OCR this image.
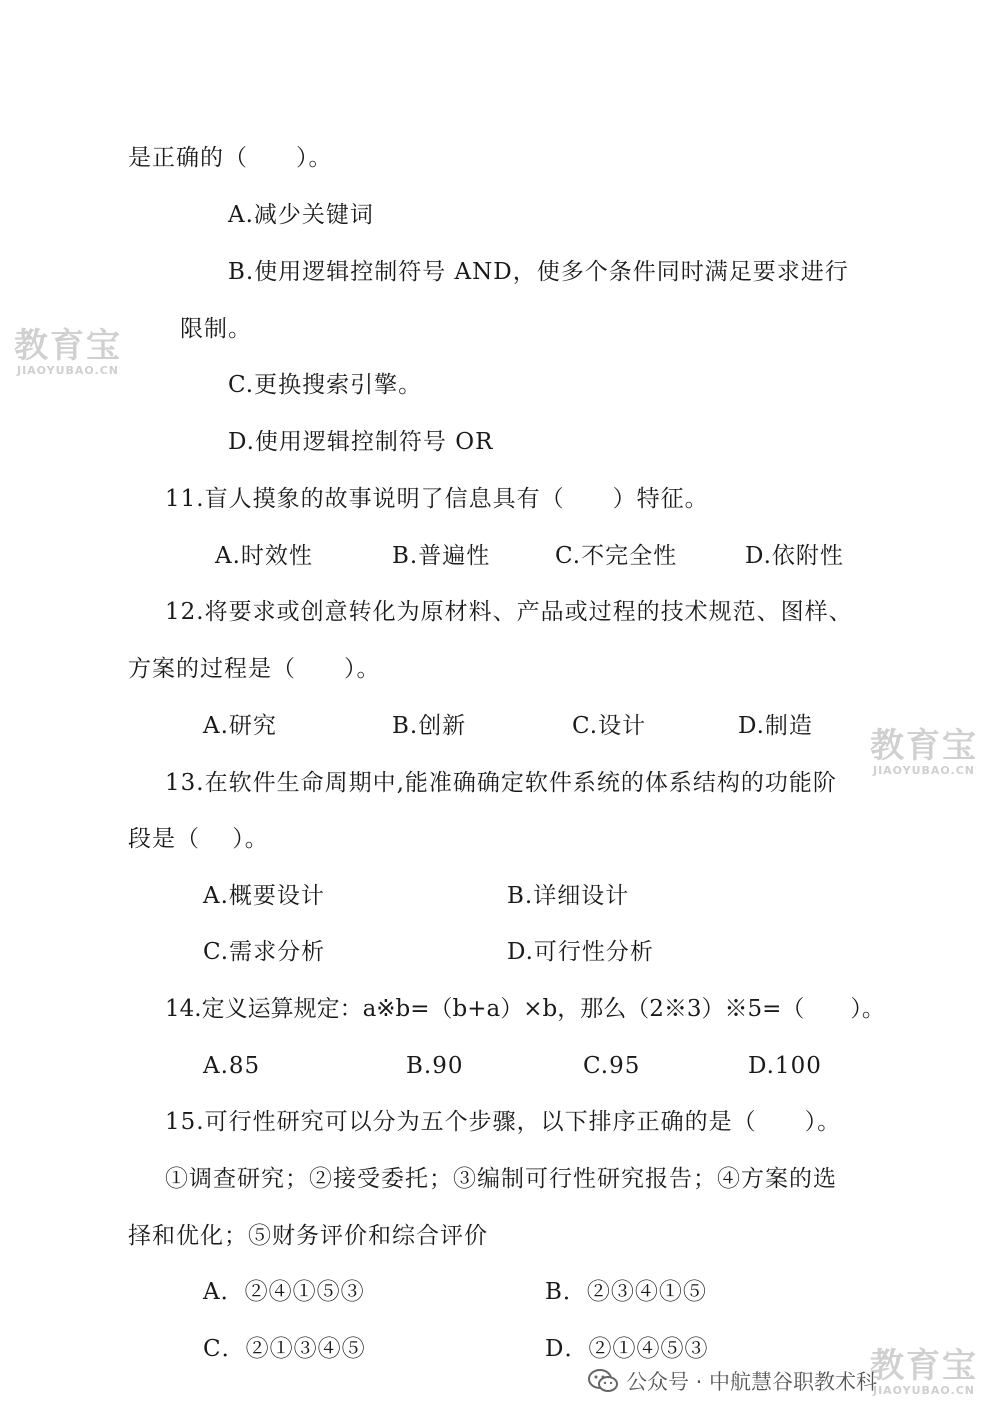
是正确的（　　）。
A.减少关键词
B.使用逻辑控制符号 AND，使多个条件同时满足要求进行
限制。
C.更换搜索引擎。
D.使用逻辑控制符号 OR
11.盲人摸象的故事说明了信息具有（　　）特征。
A.时效性	B.普遍性	C.不完全性	D.依附性
12.将要求或创意转化为原材料、产品或过程的技术规范、图样、
方案的过程是（　　）。
A.研究	B.创新	C.设计	D.制造
13.在软件生命周期中,能准确确定软件系统的体系结构的功能阶
段是（　 ）。
A.概要设计	B.详细设计
C.需求分析	D.可行性分析
14.定义运算规定：a※b=（b+a）×b，那么（2※3）※5=（　　）。
A.85	B.90	C.95	D.100
15.可行性研究可以分为五个步骤，以下排序正确的是（　　）。
①调查研究；②接受委托；③编制可行性研究报告；④方案的选
择和优化；⑤财务评价和综合评价
A．②④①⑤③	B．②③④①⑤
C．②①③④⑤	D．②①④⑤③
教育宝
JIAOYUBAO.CN
教育宝
JIAOYUBAO.CN
教育宝
JIAOYUBAO.CN
公众号 · 中航慧谷职教术科
